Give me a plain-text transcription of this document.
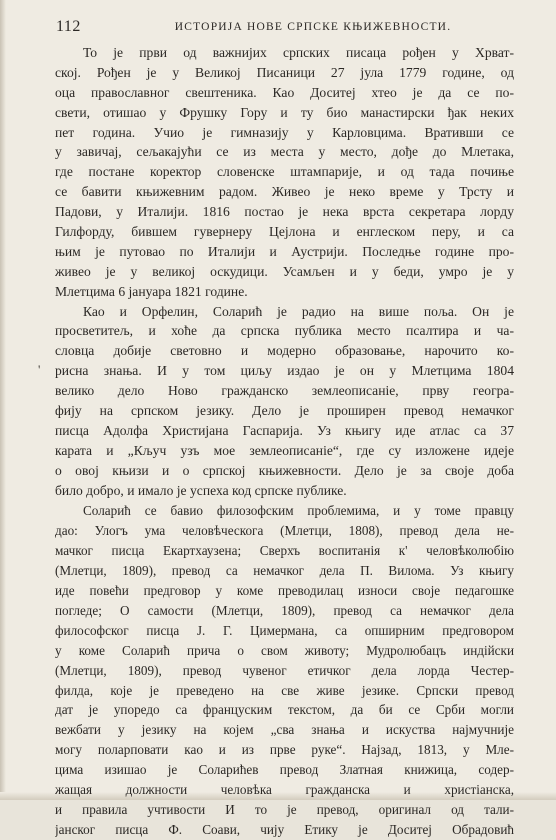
112	ИСТОРИЈА НОВЕ СРПСКЕ КЊИЖЕВНОСТИ.
'
То је први од важнијих српских писаца рођен у Хрват-
ској. Рођен је у Великој Писаници 27 јула 1779 године, од
оца православног свештеника. Као Доситеј хтео је да се по-
свети, отишао у Фрушку Гору и ту био манастирски ђак неких
пет година. Учио је гимназију у Карловцима. Вративши се
у завичај, сељакајући се из места у место, дође до Млетака,
где постане коректор словенске штампарије, и од тада почиње
се бавити књижевним радом. Живео је неко време у Трсту и
Падови, у Италији. 1816 постао је нека врста секретара лорду
Гилфорду, бившем гувернеру Цејлона и енглеском перу, и са
њим је путовао по Италији и Аустрији. Последње године про-
живео је у великој оскудици. Усамљен и у беди, умро је у
Млетцима 6 јануара 1821 године.
Као и Орфелин, Соларић је радио на више поља. Он је
просветитељ, и хоће да српска публика место псалтира и ча-
словца добије световно и модерно образовање, нарочито ко-
рисна знања. И у том циљу издао је он у Млетцима 1804
велико дело Ново гражданско землеописаніе, прву геогра-
фију на српском језику. Дело је проширен превод немачког
писца Адолфа Христијана Гаспарија. Уз књигу иде атлас са 37
карата и „Кључ узъ мое землеописаніе“, где су изложене идеје
о овој књизи и о српској књижевности. Дело је за своје доба
било добро, и имало је успеха код српске публике.
Соларић се бавио филозофским проблемима, и у томе правцу
дао: Улогъ ума человѣческога (Млетци, 1808), превод дела не-
мачког писца Екартхаузена; Сверхъ воспитанія к' человѣколюбію
(Млетци, 1809), превод са немачког дела П. Вилома. Уз књигу
иде повећи предговор у коме преводилац износи своје педагошке
погледе; О самости (Млетци, 1809), превод са немачког дела
философског писца Ј. Г. Цимермана, са опширним предговором
у коме Соларић прича о свом животу; Мудролюбацъ индійски
(Млетци, 1809), превод чувеног етичког дела лорда Честер-
филда, које је преведено на све живе језике. Српски превод
дат је упоредо са француским текстом, да би се Срби могли
вежбати у језику на којем „сва знања и искуства најмучније
могу поларповати као и из прве руке“. Најзад, 1813, у Мле-
цима изишао је Соларићев превод Златная книжица, содер-
жащая должности человѣка гражданска и христіанска,
и правила учтивости И то је превод, оригинал од тали-
јанског писца Ф. Соави, чију Етику је Доситеј Обрадовић
